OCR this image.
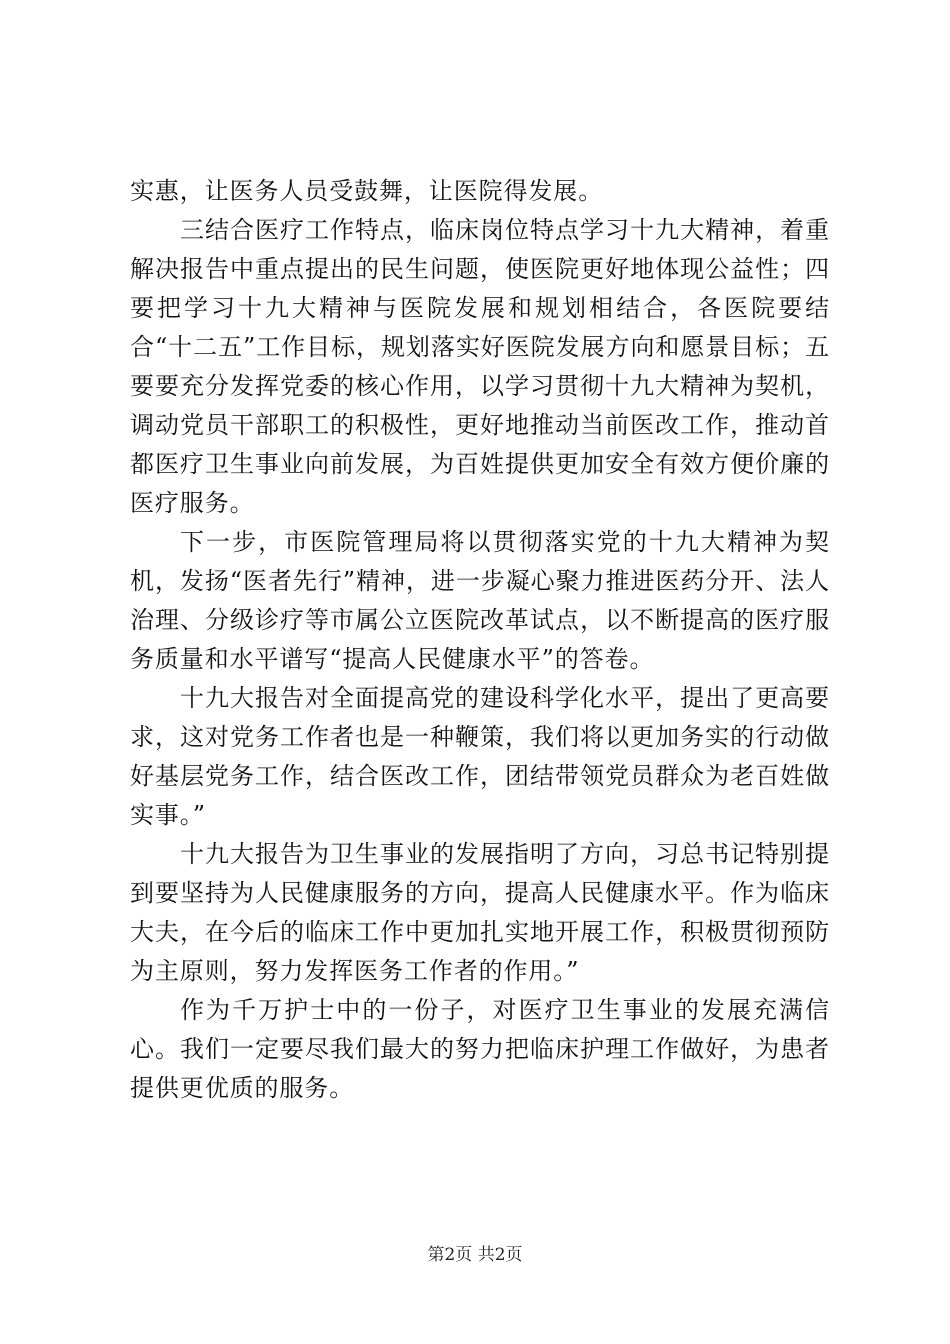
实惠，让医务人员受鼓舞，让医院得发展。

三结合医疗工作特点，临床岗位特点学习十九大精神，着重解决报告中重点提出的民生问题，使医院更好地体现公益性；四要把学习十九大精神与医院发展和规划相结合，各医院要结合“十二五”工作目标，规划落实好医院发展方向和愿景目标；五要要充分发挥党委的核心作用，以学习贯彻十九大精神为契机，调动党员干部职工的积极性，更好地推动当前医改工作，推动首都医疗卫生事业向前发展，为百姓提供更加安全有效方便价廉的医疗服务。

下一步，市医院管理局将以贯彻落实党的十九大精神为契机，发扬“医者先行”精神，进一步凝心聚力推进医药分开、法人治理、分级诊疗等市属公立医院改革试点，以不断提高的医疗服务质量和水平谱写“提高人民健康水平”的答卷。

十九大报告对全面提高党的建设科学化水平，提出了更高要求，这对党务工作者也是一种鞭策，我们将以更加务实的行动做好基层党务工作，结合医改工作，团结带领党员群众为老百姓做实事。”

十九大报告为卫生事业的发展指明了方向，习总书记特别提到要坚持为人民健康服务的方向，提高人民健康水平。作为临床大夫，在今后的临床工作中更加扎实地开展工作，积极贯彻预防为主原则，努力发挥医务工作者的作用。”

作为千万护士中的一份子，对医疗卫生事业的发展充满信心。我们一定要尽我们最大的努力把临床护理工作做好，为患者提供更优质的服务。

第2页 共2页
